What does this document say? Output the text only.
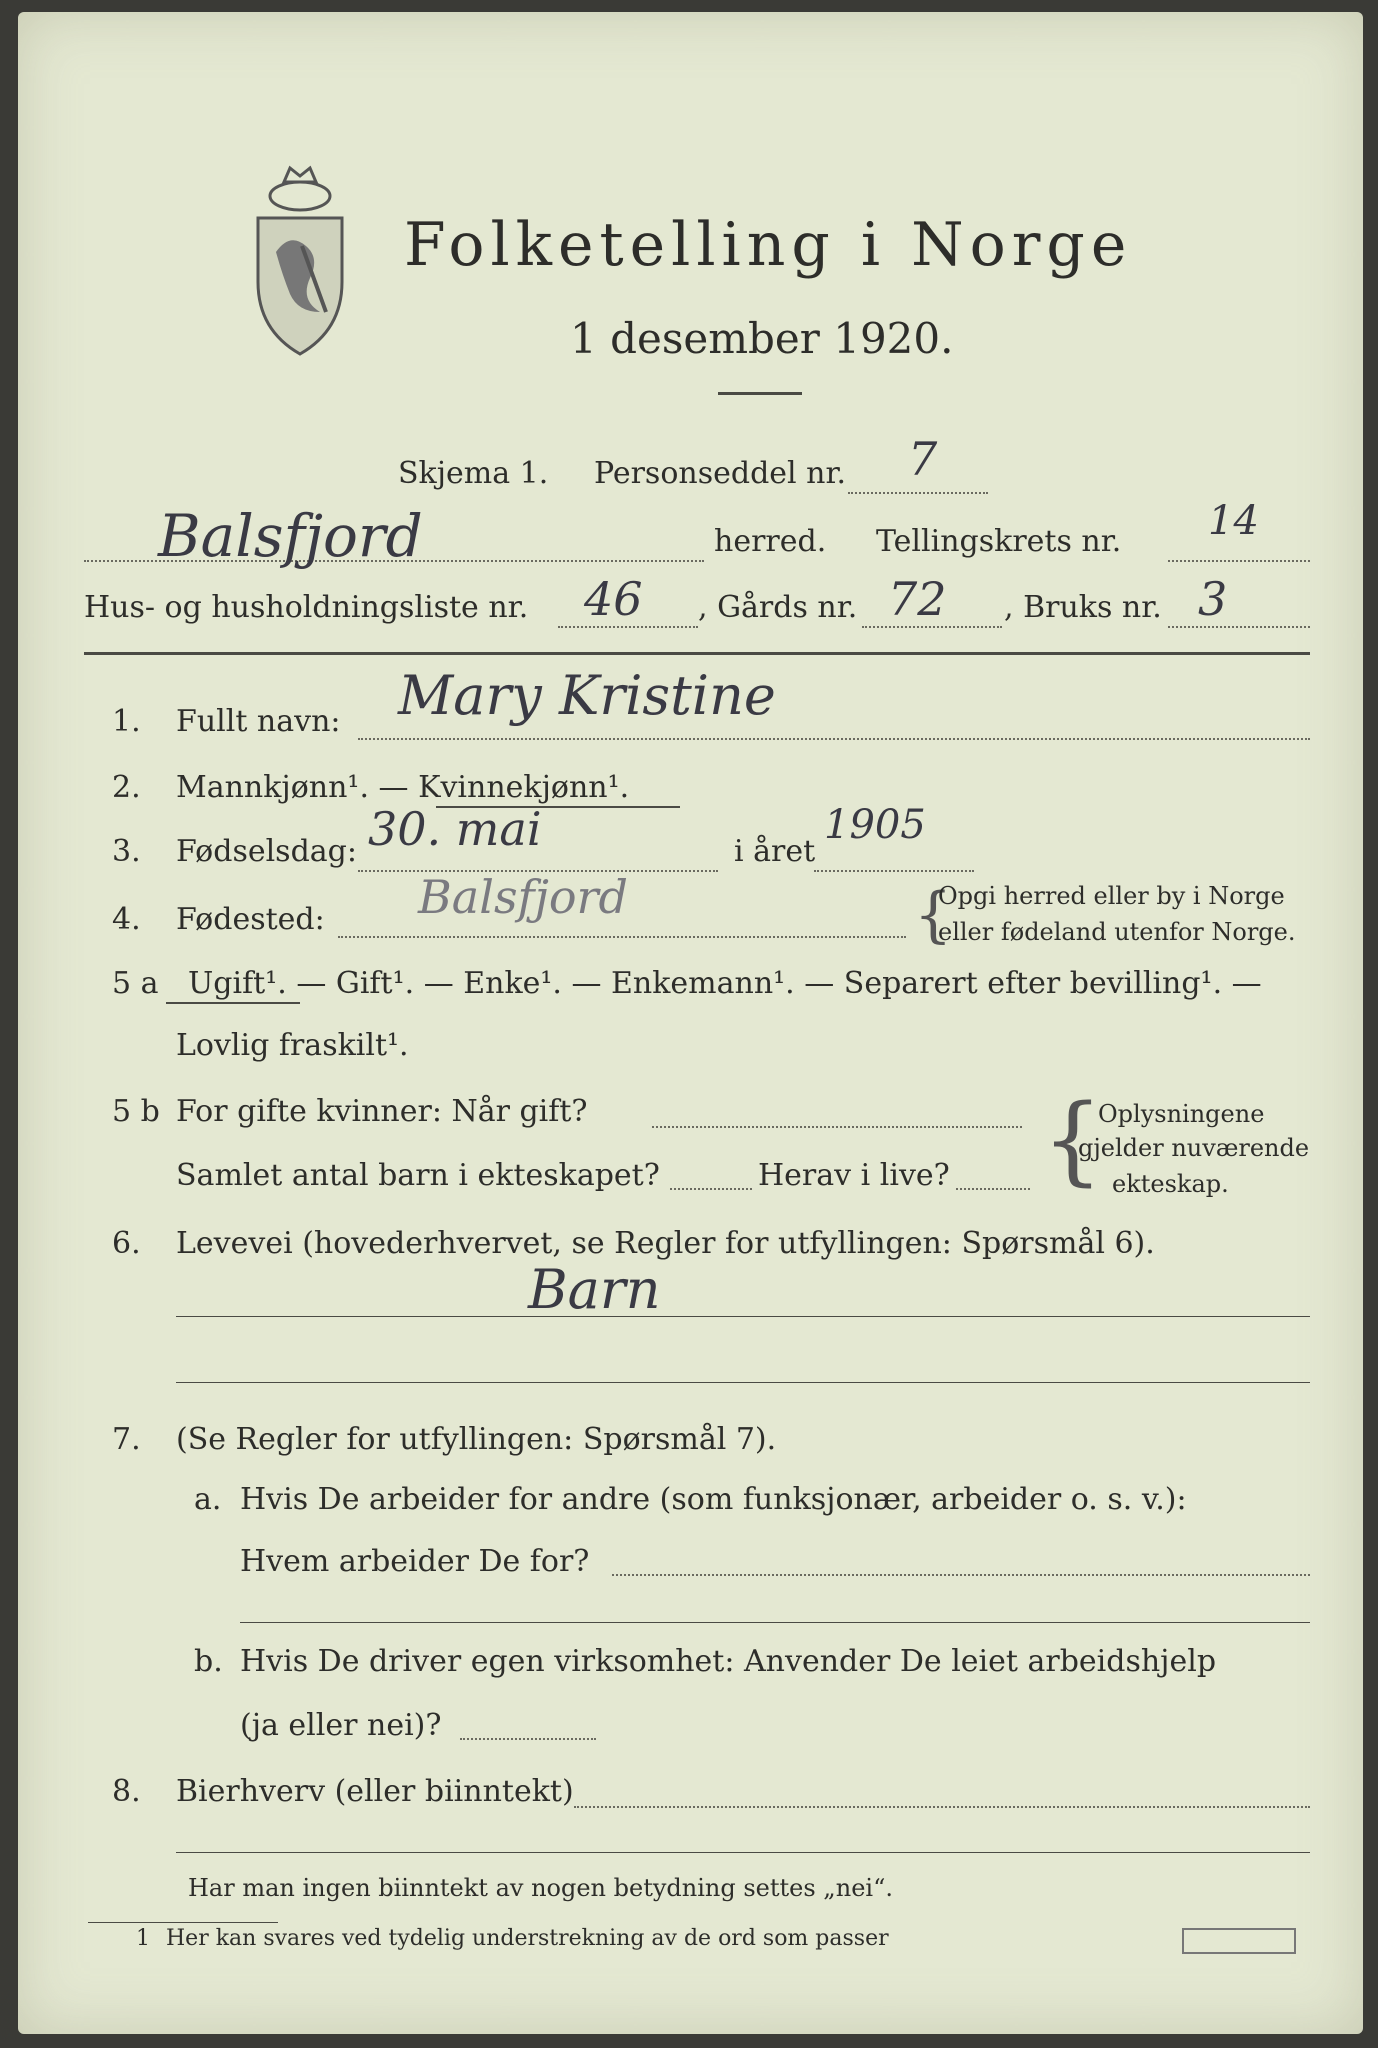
Folketelling i Norge
1 desember 1920.
Skjema 1. Personseddel nr. 7
Balsfjord	herred. Tellingskrets nr. 14
Hus- og husholdningsliste nr. 46 , Gårds nr. 72 , Bruks nr. 3
1. Fullt navn: Mary Kristine
2. Mannkjønn¹. — Kvinnekjønn¹.
3. Fødselsdag: 30. mai	i året
1905
4. Fødested: Balsfjord	{
Opgi herred eller by i Norge
eller fødeland utenfor Norge.
5 a Ugift¹. — Gift¹. — Enke¹. — Enkemann¹. — Separert efter bevilling¹. —
Lovlig fraskilt¹.
5 b For gifte kvinner: Når gift?
Samlet antal barn i ekteskapet?	Herav i live? {
Oplysningene
gjelder nuværende
ekteskap.
6. Levevei (hovederhvervet, se Regler for utfyllingen: Spørsmål 6).
Barn
7. (Se Regler for utfyllingen: Spørsmål 7).
a. Hvis De arbeider for andre (som funksjonær, arbeider o. s. v.):
Hvem arbeider De for?
b. Hvis De driver egen virksomhet: Anvender De leiet arbeidshjelp
(ja eller nei)?
8. Bierhverv (eller biinntekt)
Har man ingen biinntekt av nogen betydning settes „nei“.
1 Her kan svares ved tydelig understrekning av de ord som passer
